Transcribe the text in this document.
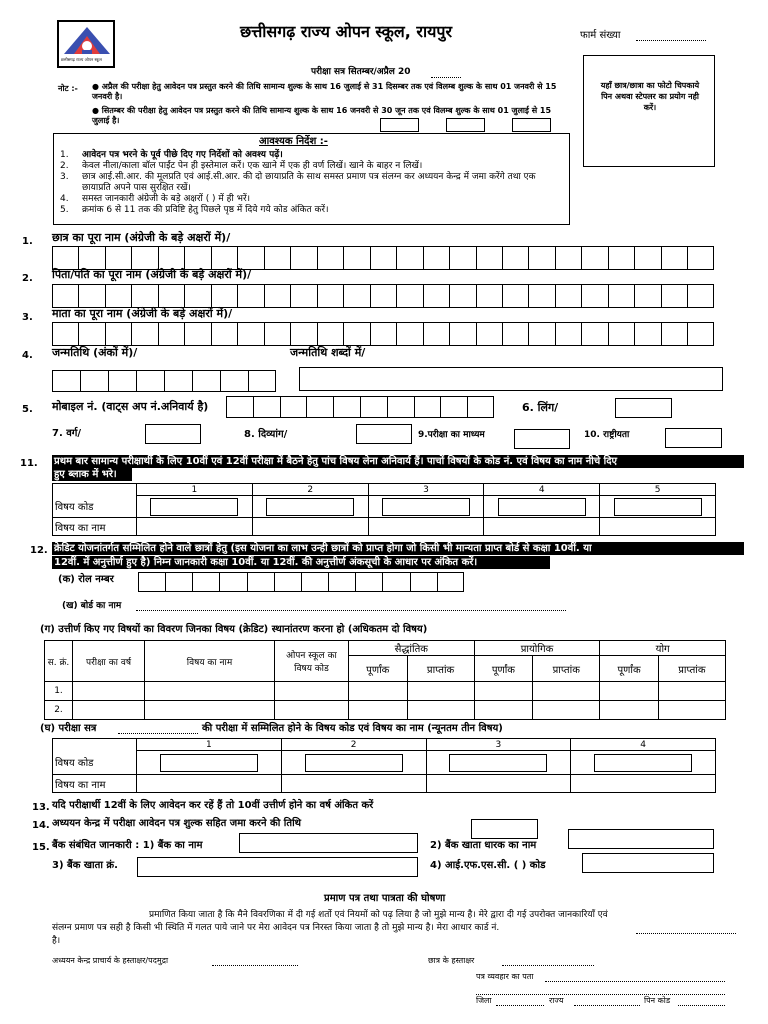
छत्तीसगढ़ राज्य ओपन स्कूल
छत्तीसगढ़ राज्य ओपन स्कूल, रायपुर	फार्म संख्या
परीक्षा सत्र सितम्बर/अप्रैल 20
नोट :- ● अप्रैल की परीक्षा हेतु आवेदन पत्र प्रस्तुत करने की तिथि सामान्य शुल्क के साथ 16 जुलाई से 31 दिसम्बर तक एवं विलम्ब शुल्क के साथ 01 जनवरी से 15 जनवरी है।
● सितम्बर की परीक्षा हेतु आवेदन पत्र प्रस्तुत करने की तिथि सामान्य शुल्क के साथ 16 जनवरी से 30 जून तक एवं विलम्ब शुल्क के साथ 01 जुलाई से 15 जुलाई है।
यहाँ छात्र/छात्रा का फोटो चिपकाये पिन अथवा स्टेपलर का प्रयोग नही करें।
आवश्यक निर्देश :-
1. आवेदन पत्र भरने के पूर्व पीछे दिए गए निर्देशों को अवश्य पढ़ें।
2. केवल नीला/काला बॉल पाईंट पेन ही इस्तेमाल करें। एक खाने में एक ही वर्ण लिखें। खाने के बाहर न लिखें।
3.	छात्र आई.सी.आर. की मूलप्रति एवं आई.सी.आर. की दो छायाप्रति के साथ समस्त प्रमाण पत्र संलग्न कर अध्ययन केन्द्र में जमा करेंगे तथा एक छायाप्रति अपने पास सुरक्षित रखें।
4. समस्त जानकारी अंग्रेजी के बड़े अक्षरों ( ) में ही भरें।
5. क्रमांक 6 से 11 तक की प्रविष्टि हेतु पिछले पृष्ठ में दिये गये कोड अंकित करें।
1. छात्र का पूरा नाम (अंग्रेजी के बड़े अक्षरों में)/
2. पिता/पति का पूरा नाम (अंग्रेजी के बड़े अक्षरों में)/
3. माता का पूरा नाम (अंग्रेजी के बड़े अक्षरों में)/
4. जन्मतिथि (अंकों में)/	जन्मतिथि शब्दों में/
5. मोबाइल नं. (वाट्स अप नं.अनिवार्य है)	6. लिंग/
7. वर्ग/	8. दिव्यांग/	9.परीक्षा का माध्यम	10. राष्ट्रीयता
11. प्रथम बार सामान्य परीक्षार्थी के लिए 10वीं एवं 12वीं परीक्षा में बैठने हेतु पांच विषय लेना अनिवार्य हैं। पाचों विषयों के कोड नं. एवं विषय का नाम नीचे दिए
हुए ब्लाक में भरे।
	1	2	3	4	5
विषय कोड					
विषय का नाम					
12. क्रेडिट योजनांतर्गत सम्मिलित होने वाले छात्रों हेतु (इस योजना का लाभ उन्ही छात्रों को प्राप्त होगा जो किसी भी मान्यता प्राप्त बोर्ड से कक्षा 10वीं. या
12वीं. में अनुत्तीर्ण हुए है) निम्न जानकारी कक्षा 10वीं. या 12वीं. की अनुत्तीर्ण अंकसूची के आधार पर अंकित करें।
(क) रोल नम्बर
(ख) बोर्ड का नाम
(ग) उत्तीर्ण किए गए विषयों का विवरण जिनका विषय (क्रेडिट) स्थानांतरण करना हो (अधिकतम दो विषय)
स. क्रं.	परीक्षा का वर्ष	विषय का नाम	ओपन स्कूल का विषय कोड	सैद्धांतिक		प्रायोगिक		योग	
				पूर्णांक	प्राप्तांक	पूर्णांक	प्राप्तांक	पूर्णांक	प्राप्तांक
1.									
2.									
(घ) परीक्षा सत्र	की परीक्षा में सम्मिलित होने के विषय कोड एवं विषय का नाम (न्यूनतम तीन विषय)
	1	2	3	4
विषय कोड				
विषय का नाम				
13. यदि परीक्षार्थी 12वीं के लिए आवेदन कर रहें हैं तो 10वीं उत्तीर्ण होने का वर्ष अंकित करें
14. अध्ययन केन्द्र में परीक्षा आवेदन पत्र शुल्क सहित जमा करने की तिथि
15. बैंक संबंधित जानकारी : 1) बैंक का नाम	2) बैंक खाता धारक का नाम
3) बैंक खाता क्रं.	4) आई.एफ.एस.सी. ( ) कोड
प्रमाण पत्र तथा पात्रता की घोषणा
प्रमाणित किया जाता है कि मैने विवरणिका में दी गई शर्तो एवं नियमों को पढ़ लिया है जो मुझे मान्य है। मेरे द्वारा दी गई उपरोक्त जानकारियाँ एवं
संलग्न प्रमाण पत्र सही है किसी भी स्थिति में गलत पाये जाने पर मेरा आवेदन पत्र निरस्त किया जाता है तो मुझे मान्य है। मेरा आधार कार्ड नं.
है।
अध्ययन केन्द्र प्राचार्य के हस्ताक्षर/पदमुद्रा	छात्र के हस्ताक्षर
पत्र व्यवहार का पता
जिला	राज्य	पिन कोड
